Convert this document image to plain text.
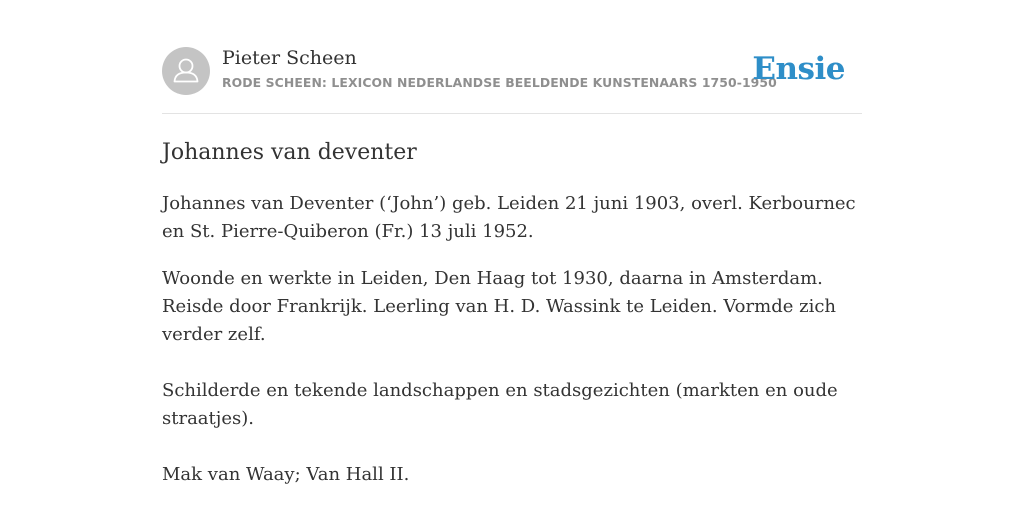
Pieter Scheen
RODE SCHEEN: LEXICON NEDERLANDSE BEELDENDE KUNSTENAARS 1750-1950
Ensie
Johannes van deventer

Johannes van Deventer (‘John’) geb. Leiden 21 juni 1903, overl. Kerbournec en St. Pierre-Quiberon (Fr.) 13 juli 1952.

Woonde en werkte in Leiden, Den Haag tot 1930, daarna in Amsterdam. Reisde door Frankrijk. Leerling van H. D. Wassink te Leiden. Vormde zich verder zelf.

Schilderde en tekende landschappen en stadsgezichten (markten en oude straatjes).

Mak van Waay; Van Hall II.
